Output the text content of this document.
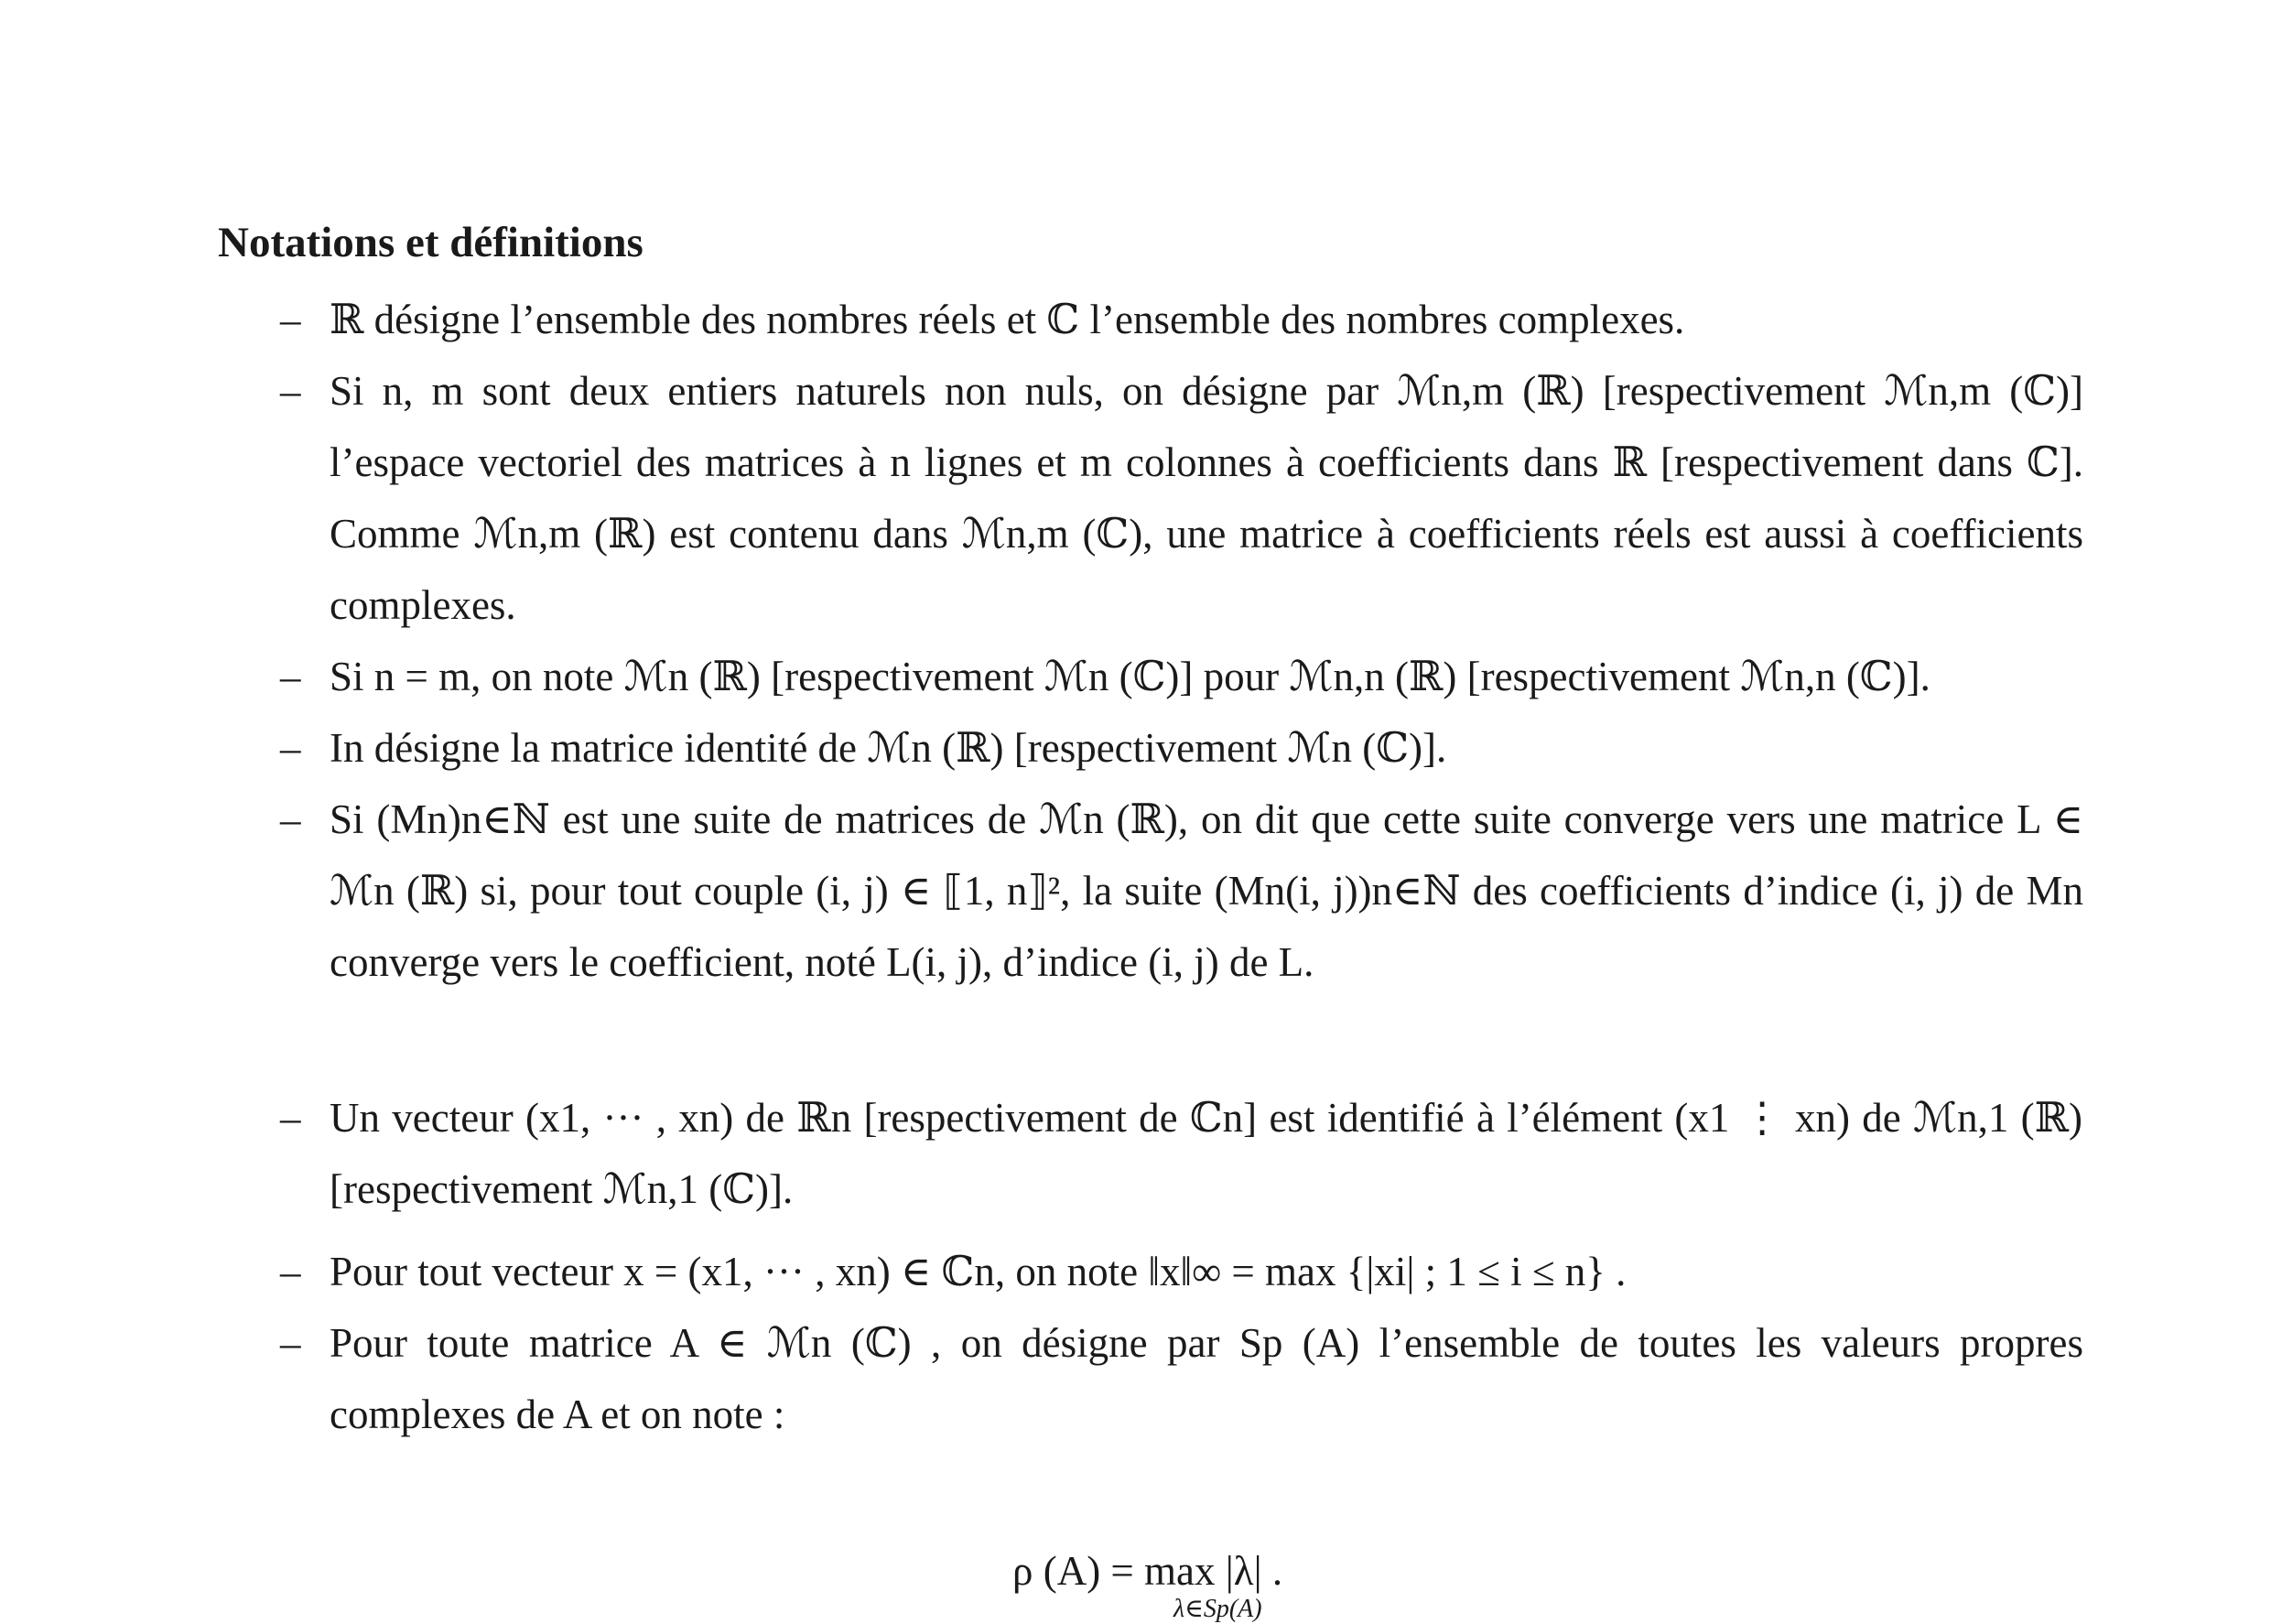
Notations et définitions
– ℝ désigne l’ensemble des nombres réels et ℂ l’ensemble des nombres complexes.

– Si n, m sont deux entiers naturels non nuls, on désigne par ℳn,m (ℝ) [respectivement ℳn,m (ℂ)] l’espace vectoriel des matrices à n lignes et m colonnes à coefficients dans ℝ [respectivement dans ℂ]. Comme ℳn,m (ℝ) est contenu dans ℳn,m (ℂ), une matrice à coefficients réels est aussi à coefficients complexes.

– Si n = m, on note ℳn (ℝ) [respectivement ℳn (ℂ)] pour ℳn,n (ℝ) [respectivement ℳn,n (ℂ)].

– In désigne la matrice identité de ℳn (ℝ) [respectivement ℳn (ℂ)].

– Si (Mn)n∈ℕ est une suite de matrices de ℳn (ℝ), on dit que cette suite converge vers une matrice L ∈ ℳn (ℝ) si, pour tout couple (i, j) ∈ ⟦1, n⟧², la suite (Mn(i, j))n∈ℕ des coefficients d’indice (i, j) de Mn converge vers le coefficient, noté L(i, j), d’indice (i, j) de L.

– Un vecteur (x1, ··· , xn) de ℝn [respectivement de ℂn] est identifié à l’élément (x1 ⋮ xn) de ℳn,1 (ℝ) [respectivement ℳn,1 (ℂ)].

– Pour tout vecteur x = (x1, ··· , xn) ∈ ℂn, on note ‖x‖∞ = max {|xi| ; 1 ≤ i ≤ n} .

– Pour toute matrice A ∈ ℳn (ℂ) , on désigne par Sp (A) l’ensemble de toutes les valeurs propres complexes de A et on note :

ρ (A) = max |λ| .
λ∈Sp(A)
